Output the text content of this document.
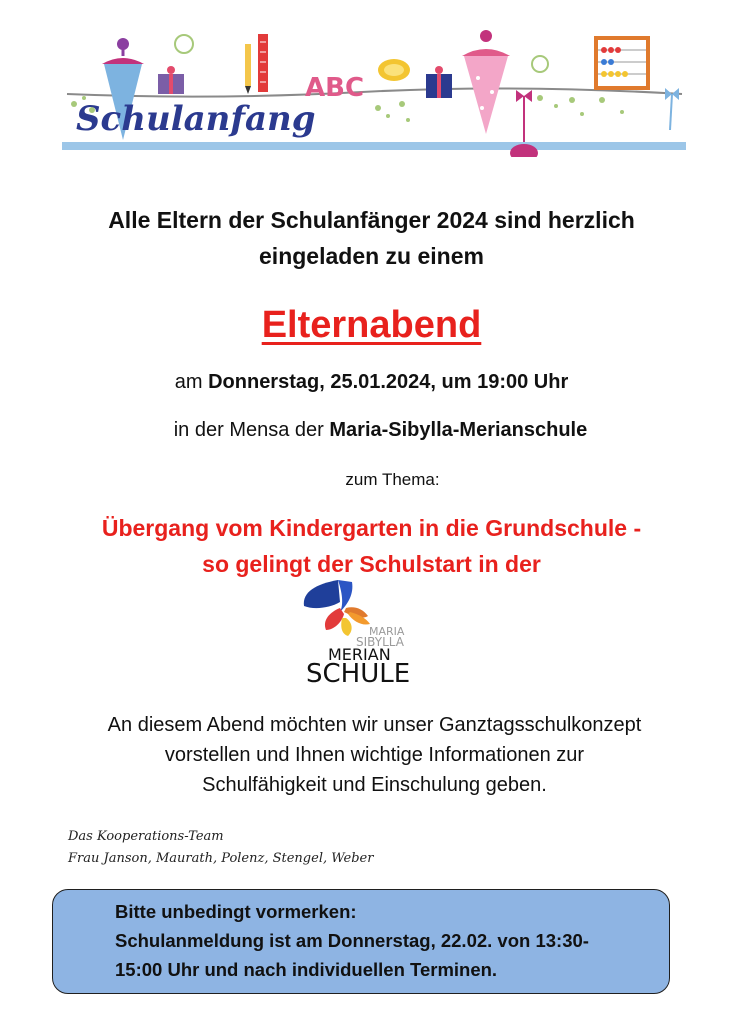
ABC
Schulanfang
Alle Eltern der Schulanfänger 2024 sind herzlich
eingeladen zu einem
Elternabend
am Donnerstag, 25.01.2024, um 19:00 Uhr
in der Mensa der Maria-Sibylla-Merianschule
zum Thema:
Übergang vom Kindergarten in die Grundschule -
so gelingt der Schulstart in der
MARIA
SIBYLLA
MERIAN
SCHULE
An diesem Abend möchten wir unser Ganztagsschulkonzept
vorstellen und Ihnen wichtige Informationen zur
Schulfähigkeit und Einschulung geben.
Das Kooperations-Team
Frau Janson, Maurath, Polenz, Stengel, Weber
Bitte unbedingt vormerken:
Schulanmeldung ist am Donnerstag, 22.02. von 13:30-
15:00 Uhr und nach individuellen Terminen.
